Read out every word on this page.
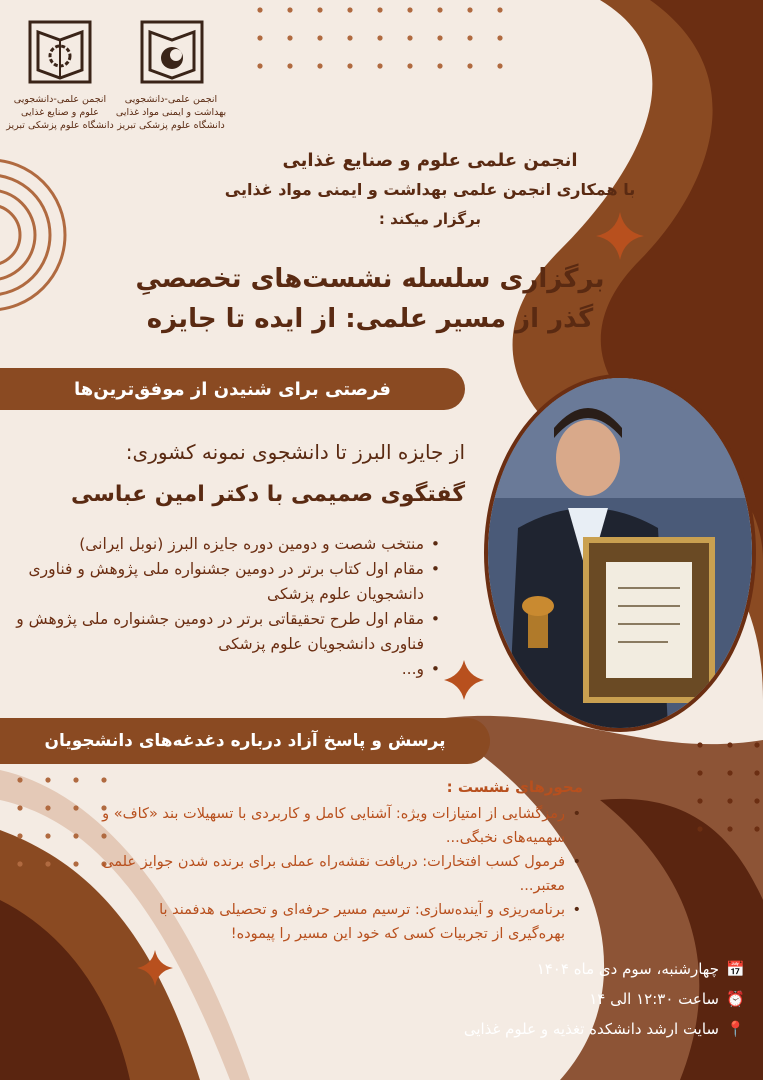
انجمن علمی-دانشجویی
علوم و صنایع غذایی
دانشگاه علوم پزشکی تبریز
انجمن علمی-دانشجویی
بهداشت و ایمنی مواد غذایی
دانشگاه علوم پزشکی تبریز
انجمن علمی علوم و صنایع غذایی
با همکاری انجمن علمی بهداشت و ایمنی مواد غذایی
برگزار میکند :
برگزاری سلسله نشست‌های تخصصیِ
گذر از مسیر علمی: از ایده تا جایزه
فرصتی برای شنیدن از موفق‌ترین‌ها
از جایزه البرز تا دانشجوی نمونه کشوری:
گفتگوی صمیمی با دکتر امین عباسی
• منتخب شصت و دومین دوره جایزه البرز (نوبل ایرانی)
• مقام اول کتاب برتر در دومین جشنواره ملی پژوهش و فناوری دانشجویان علوم پزشکی
• مقام اول طرح تحقیقاتی برتر در دومین جشنواره ملی پژوهش و فناوری دانشجویان علوم پزشکی
• و...
پرسش و پاسخ آزاد درباره دغدغه‌های دانشجویان
محورهای نشست :
• رمزگشایی از امتیازات ویژه: آشنایی کامل و کاربردی با تسهیلات بند «کاف» و سهمیه‌های نخبگی...
• فرمول کسب افتخارات: دریافت نقشه‌راه عملی برای برنده شدن جوایز علمی معتبر...
• برنامه‌ریزی و آینده‌سازی: ترسیم مسیر حرفه‌ای و تحصیلی هدفمند با بهره‌گیری از تجربیات کسی که خود این مسیر را پیموده!
📅
چهارشنبه، سوم دی ماه ۱۴۰۴
⏰
ساعت ۱۲:۳۰ الی ۱۴
📍
سایت ارشد دانشکده تغذیه و علوم غذایی
